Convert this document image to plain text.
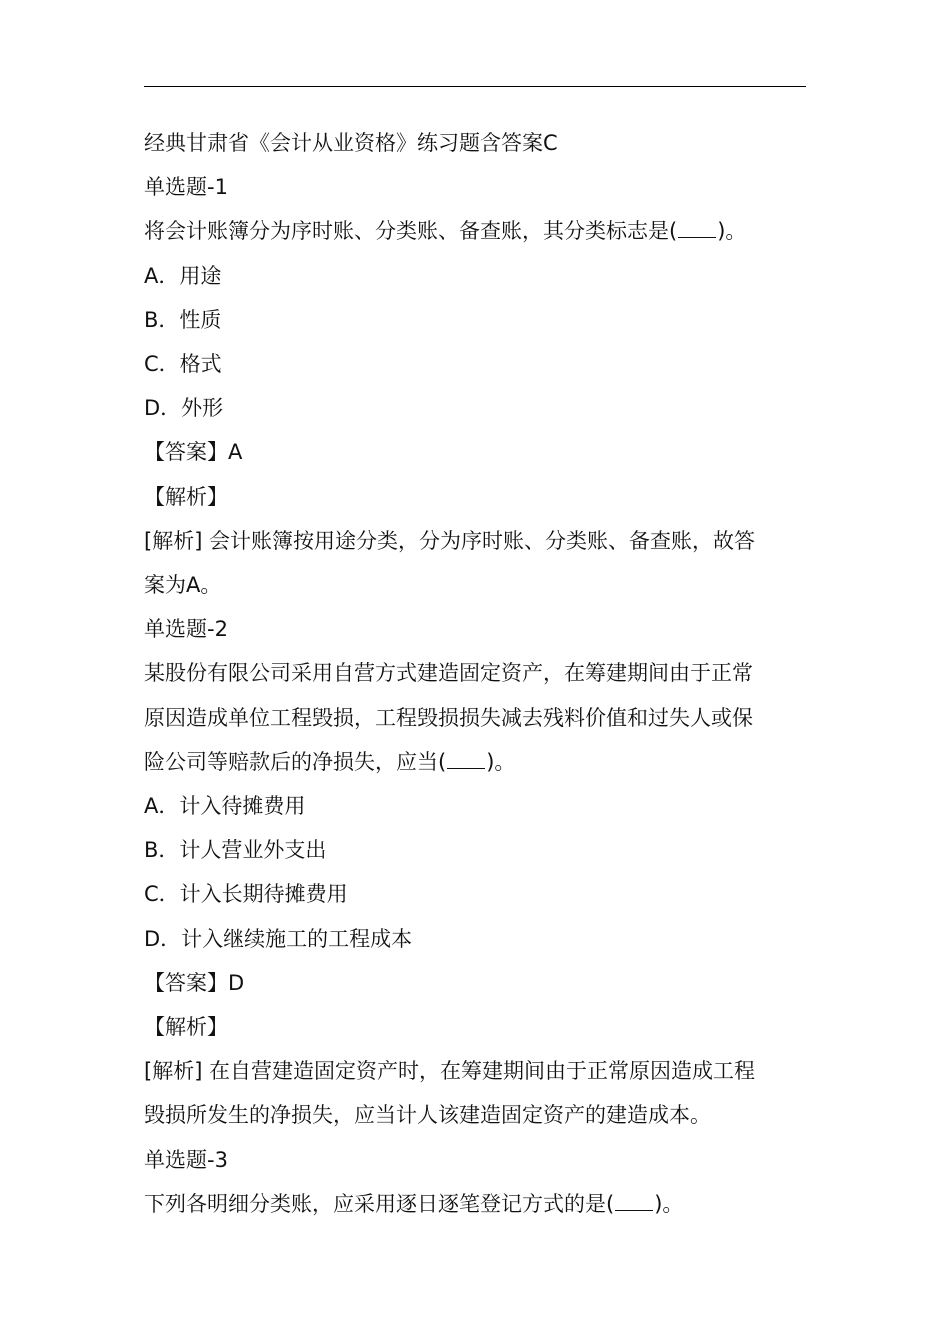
经典甘肃省《会计从业资格》练习题含答案C
单选题-1
将会计账簿分为序时账、分类账、备查账，其分类标志是( )。
A．用途
B．性质
C．格式
D．外形
【答案】A
【解析】
[解析] 会计账簿按用途分类，分为序时账、分类账、备查账，故答
案为A。
单选题-2
某股份有限公司采用自营方式建造固定资产，在筹建期间由于正常
原因造成单位工程毁损，工程毁损损失减去残料价值和过失人或保
险公司等赔款后的净损失，应当( )。
A．计入待摊费用
B．计人营业外支出
C．计入长期待摊费用
D．计入继续施工的工程成本
【答案】D
【解析】
[解析] 在自营建造固定资产时，在筹建期间由于正常原因造成工程
毁损所发生的净损失，应当计人该建造固定资产的建造成本。
单选题-3
下列各明细分类账，应采用逐日逐笔登记方式的是( )。
